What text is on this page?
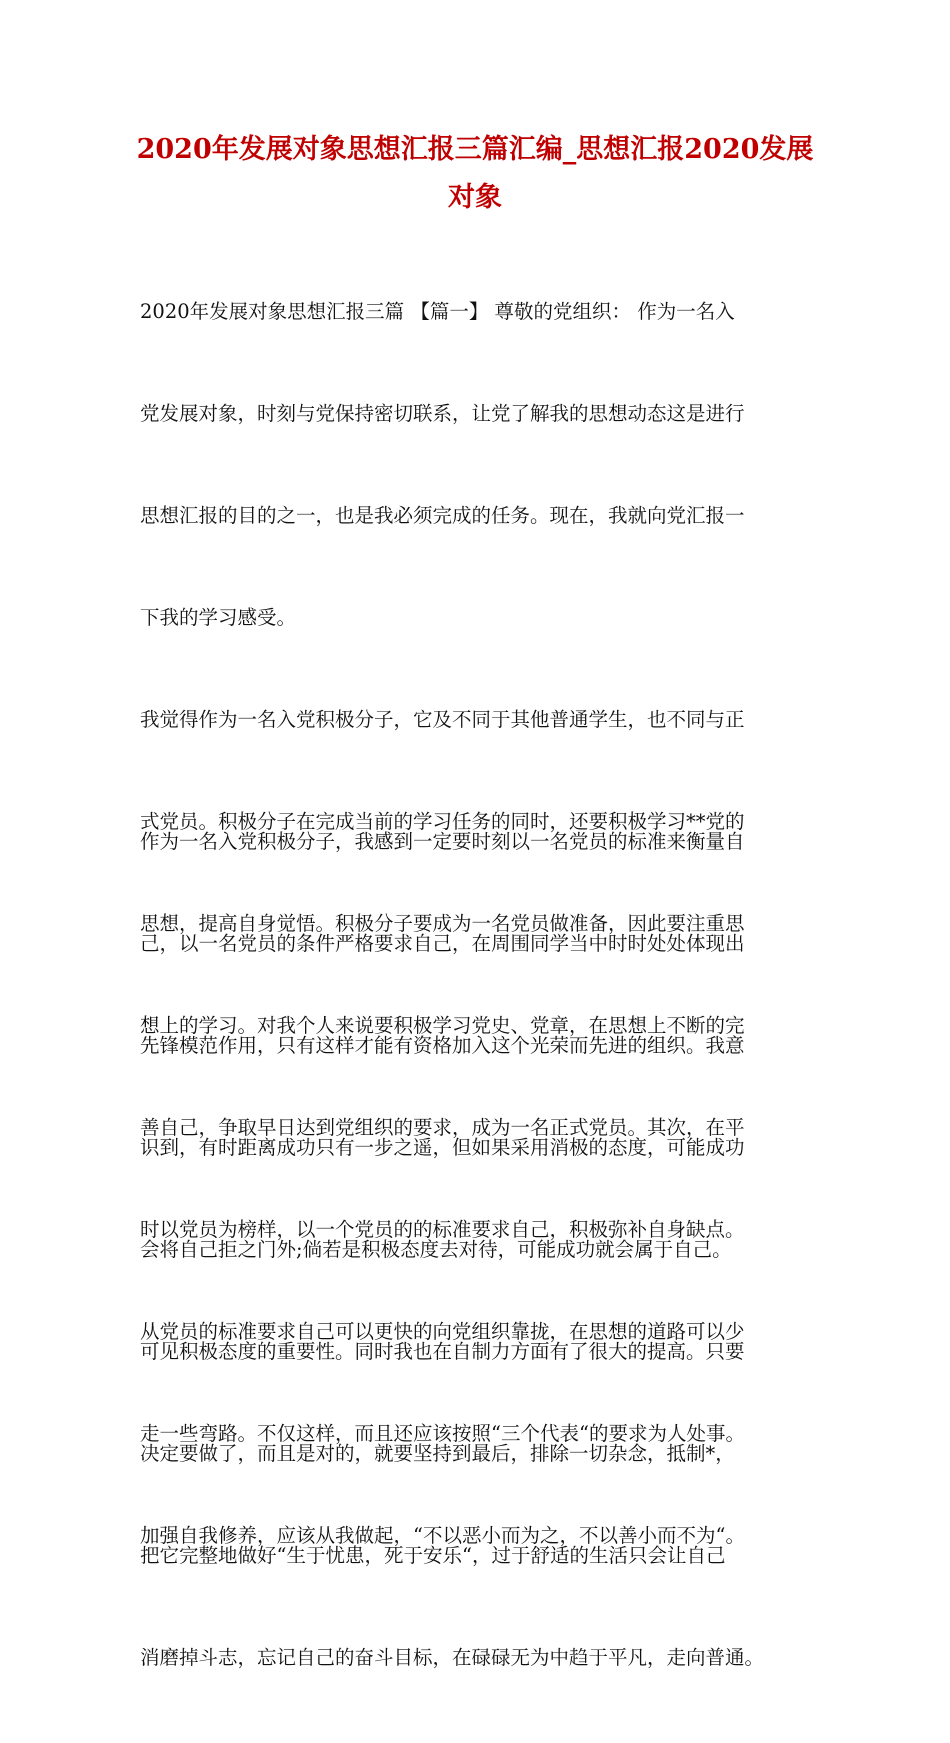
2020年发展对象思想汇报三篇汇编_思想汇报2020发展
对象

2020年发展对象思想汇报三篇 【篇一】 尊敬的党组织： 作为一名入

党发展对象，时刻与党保持密切联系，让党了解我的思想动态这是进行

思想汇报的目的之一，也是我必须完成的任务。现在，我就向党汇报一

下我的学习感受。

我觉得作为一名入党积极分子，它及不同于其他普通学生，也不同与正

式党员。积极分子在完成当前的学习任务的同时，还要积极学习**党的

思想，提高自身觉悟。积极分子要成为一名党员做准备，因此要注重思

想上的学习。对我个人来说要积极学习党史、党章，在思想上不断的完

善自己，争取早日达到党组织的要求，成为一名正式党员。其次，在平

时以党员为榜样，以一个党员的的标准要求自己，积极弥补自身缺点。

从党员的标准要求自己可以更快的向党组织靠拢，在思想的道路可以少

走一些弯路。不仅这样，而且还应该按照“三个代表“的要求为人处事。

加强自我修养，应该从我做起，“不以恶小而为之，不以善小而不为“。

作为一名入党积极分子，我感到一定要时刻以一名党员的标准来衡量自

己，以一名党员的条件严格要求自己，在周围同学当中时时处处体现出

先锋模范作用，只有这样才能有资格加入这个光荣而先进的组织。我意

识到，有时距离成功只有一步之遥，但如果采用消极的态度，可能成功

会将自己拒之门外;倘若是积极态度去对待，可能成功就会属于自己。

可见积极态度的重要性。同时我也在自制力方面有了很大的提高。只要

决定要做了，而且是对的，就要坚持到最后，排除一切杂念，抵制*，

把它完整地做好“生于忧患，死于安乐“，过于舒适的生活只会让自己

消磨掉斗志，忘记自己的奋斗目标，在碌碌无为中趋于平凡，走向普通。
